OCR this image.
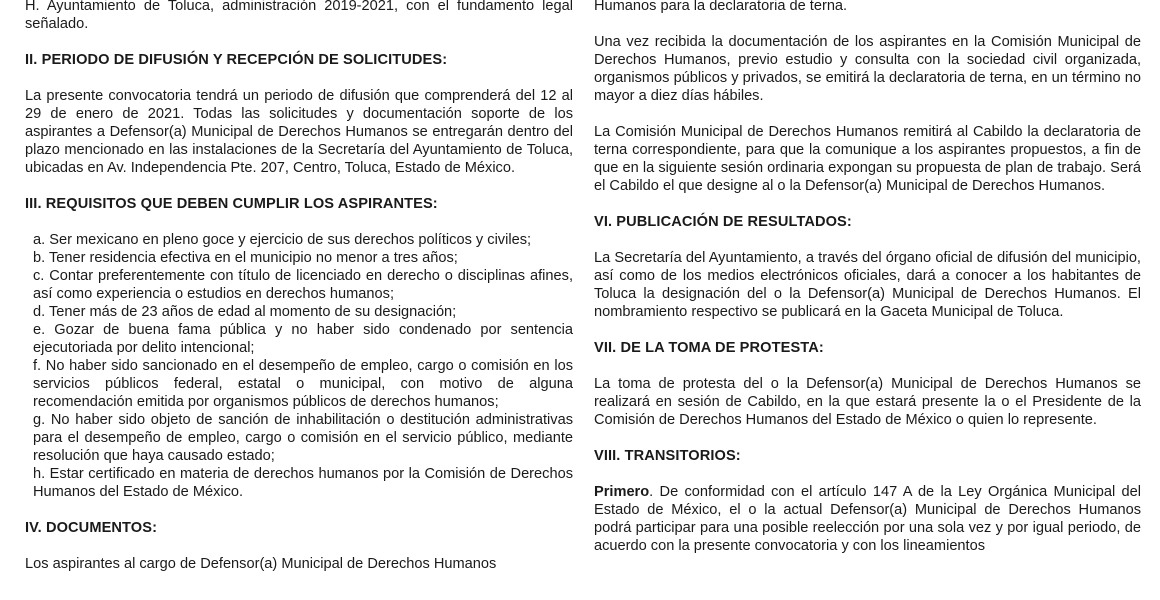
H. Ayuntamiento de Toluca, administración 2019-2021, con el fundamento legal señalado.

II. PERIODO DE DIFUSIÓN Y RECEPCIÓN DE SOLICITUDES:

La presente convocatoria tendrá un periodo de difusión que comprenderá del 12 al 29 de enero de 2021. Todas las solicitudes y documentación soporte de los aspirantes a Defensor(a) Municipal de Derechos Humanos se entregarán dentro del plazo mencionado en las instalaciones de la Secretaría del Ayuntamiento de Toluca, ubicadas en Av. Independencia Pte. 207, Centro, Toluca, Estado de México.

III. REQUISITOS QUE DEBEN CUMPLIR LOS ASPIRANTES:

a. Ser mexicano en pleno goce y ejercicio de sus derechos políticos y civiles;
b. Tener residencia efectiva en el municipio no menor a tres años;
c. Contar preferentemente con título de licenciado en derecho o disciplinas afines, así como experiencia o estudios en derechos humanos;
d. Tener más de 23 años de edad al momento de su designación;
e. Gozar de buena fama pública y no haber sido condenado por sentencia ejecutoriada por delito intencional;
f. No haber sido sancionado en el desempeño de empleo, cargo o comisión en los servicios públicos federal, estatal o municipal, con motivo de alguna recomendación emitida por organismos públicos de derechos humanos;
g. No haber sido objeto de sanción de inhabilitación o destitución administrativas para el desempeño de empleo, cargo o comisión en el servicio público, mediante resolución que haya causado estado;
h. Estar certificado en materia de derechos humanos por la Comisión de Derechos Humanos del Estado de México.

IV. DOCUMENTOS:

Los aspirantes al cargo de Defensor(a) Municipal de Derechos Humanos

Humanos para la declaratoria de terna.

Una vez recibida la documentación de los aspirantes en la Comisión Municipal de Derechos Humanos, previo estudio y consulta con la sociedad civil organizada, organismos públicos y privados, se emitirá la declaratoria de terna, en un término no mayor a diez días hábiles.

La Comisión Municipal de Derechos Humanos remitirá al Cabildo la declaratoria de terna correspondiente, para que la comunique a los aspirantes propuestos, a fin de que en la siguiente sesión ordinaria expongan su propuesta de plan de trabajo. Será el Cabildo el que designe al o la Defensor(a) Municipal de Derechos Humanos.

VI. PUBLICACIÓN DE RESULTADOS:

La Secretaría del Ayuntamiento, a través del órgano oficial de difusión del municipio, así como de los medios electrónicos oficiales, dará a conocer a los habitantes de Toluca la designación del o la Defensor(a) Municipal de Derechos Humanos. El nombramiento respectivo se publicará en la Gaceta Municipal de Toluca.

VII. DE LA TOMA DE PROTESTA:

La toma de protesta del o la Defensor(a) Municipal de Derechos Humanos se realizará en sesión de Cabildo, en la que estará presente la o el Presidente de la Comisión de Derechos Humanos del Estado de México o quien lo represente.

VIII. TRANSITORIOS:

Primero. De conformidad con el artículo 147 A de la Ley Orgánica Municipal del Estado de México, el o la actual Defensor(a) Municipal de Derechos Humanos podrá participar para una posible reelección por una sola vez y por igual periodo, de acuerdo con la presente convocatoria y con los lineamientos
